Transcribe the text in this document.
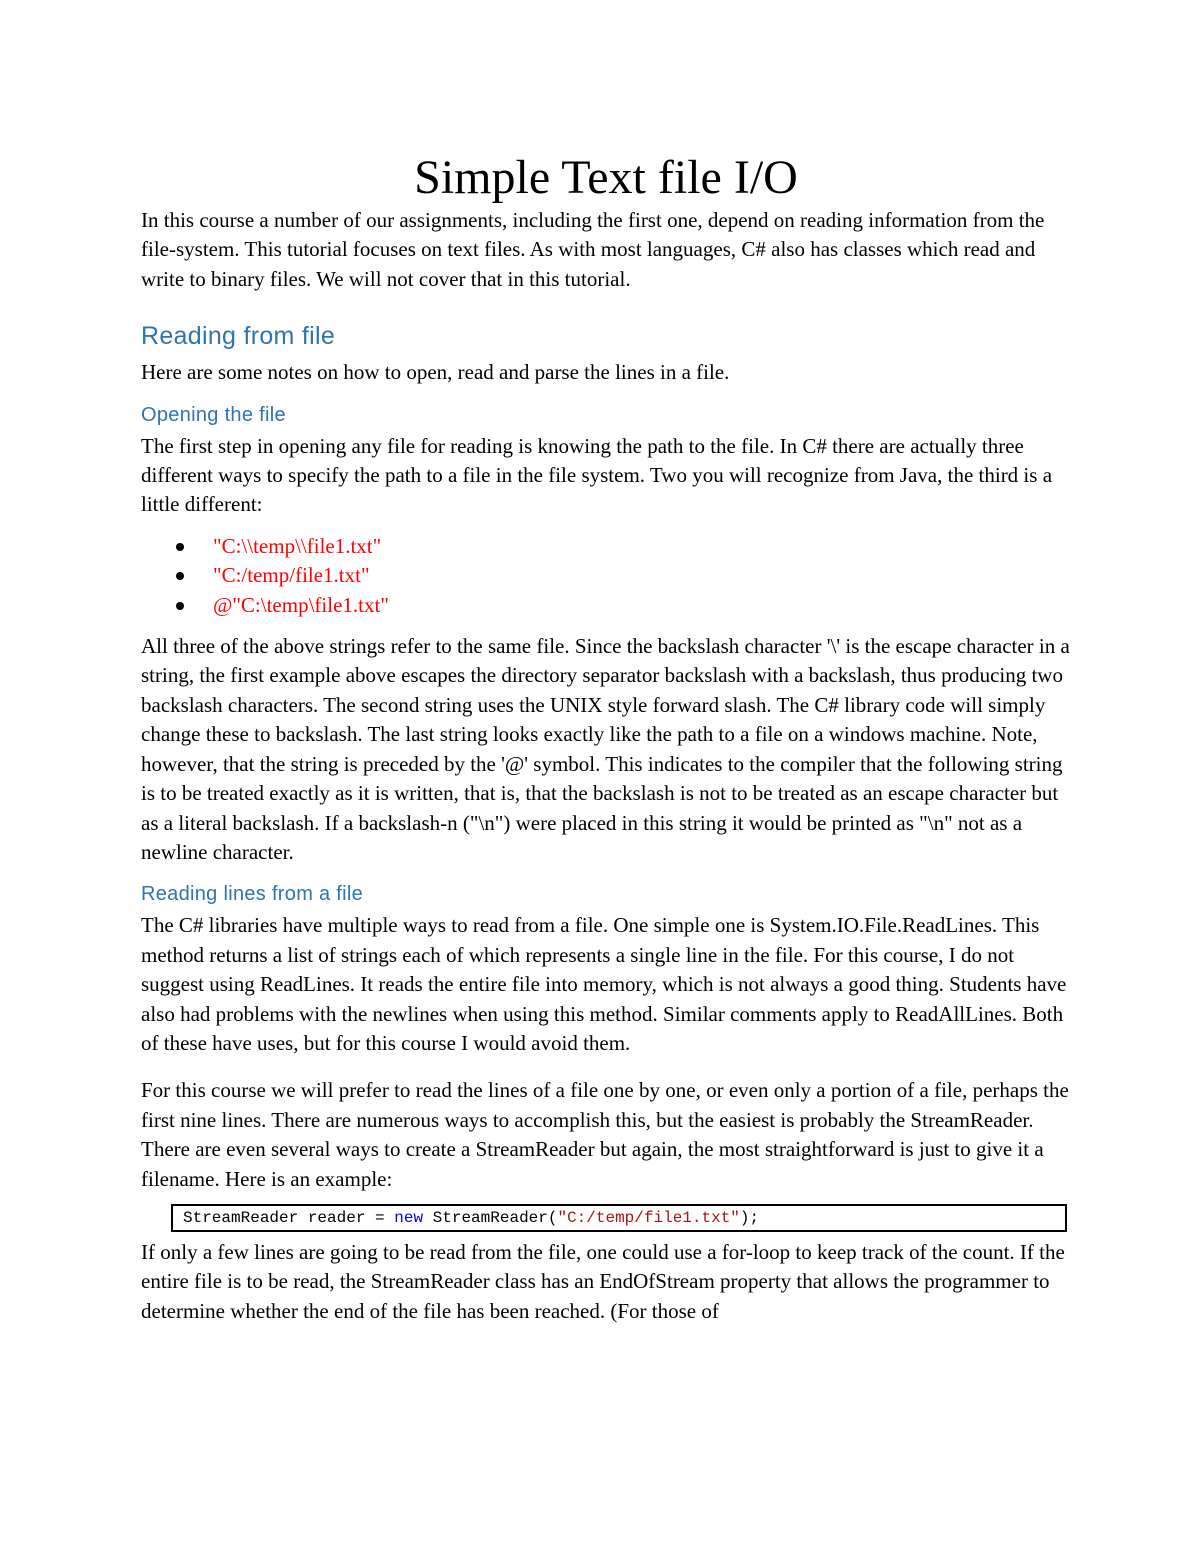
Simple Text file I/O

In this course a number of our assignments, including the first one, depend on reading information from the file-system. This tutorial focuses on text files. As with most languages, C# also has classes which read and write to binary files. We will not cover that in this tutorial.

Reading from file

Here are some notes on how to open, read and parse the lines in a file.

Opening the file

The first step in opening any file for reading is knowing the path to the file. In C# there are actually three different ways to specify the path to a file in the file system. Two you will recognize from Java, the third is a little different:

"C:\\temp\\file1.txt"
"C:/temp/file1.txt"
@"C:\temp\file1.txt"

All three of the above strings refer to the same file. Since the backslash character '\' is the escape character in a string, the first example above escapes the directory separator backslash with a backslash, thus producing two backslash characters. The second string uses the UNIX style forward slash. The C# library code will simply change these to backslash. The last string looks exactly like the path to a file on a windows machine. Note, however, that the string is preceded by the '@' symbol. This indicates to the compiler that the following string is to be treated exactly as it is written, that is, that the backslash is not to be treated as an escape character but as a literal backslash. If a backslash-n ("\n") were placed in this string it would be printed as "\n" not as a newline character.

Reading lines from a file

The C# libraries have multiple ways to read from a file. One simple one is System.IO.File.ReadLines. This method returns a list of strings each of which represents a single line in the file. For this course, I do not suggest using ReadLines. It reads the entire file into memory, which is not always a good thing. Students have also had problems with the newlines when using this method. Similar comments apply to ReadAllLines. Both of these have uses, but for this course I would avoid them.

For this course we will prefer to read the lines of a file one by one, or even only a portion of a file, perhaps the first nine lines. There are numerous ways to accomplish this, but the easiest is probably the StreamReader. There are even several ways to create a StreamReader but again, the most straightforward is just to give it a filename. Here is an example:

StreamReader reader = new StreamReader("C:/temp/file1.txt");

If only a few lines are going to be read from the file, one could use a for-loop to keep track of the count. If the entire file is to be read, the StreamReader class has an EndOfStream property that allows the programmer to determine whether the end of the file has been reached. (For those of
